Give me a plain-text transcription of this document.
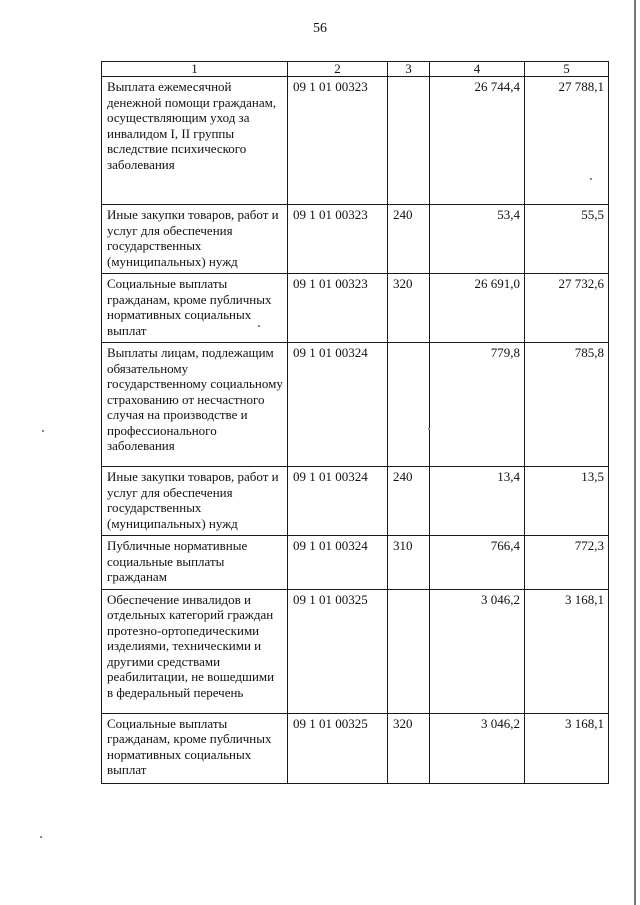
56
1	2	3	4	5
Выплата ежемесячной денежной помощи гражданам, осуществляющим уход за инвалидом I, II группы вследствие психического заболевания	09 1 01 00323		26 744,4	27 788,1
Иные закупки товаров, работ и услуг для обеспечения государственных (муниципальных) нужд	09 1 01 00323	240	53,4	55,5
Социальные выплаты гражданам, кроме публичных нормативных социальных выплат	09 1 01 00323	320	26 691,0	27 732,6
Выплаты лицам, подлежащим обязательному государственному социальному страхованию от несчастного случая на производстве и профессионального заболевания	09 1 01 00324		779,8	785,8
Иные закупки товаров, работ и услуг для обеспечения государственных (муниципальных) нужд	09 1 01 00324	240	13,4	13,5
Публичные нормативные социальные выплаты гражданам	09 1 01 00324	310	766,4	772,3
Обеспечение инвалидов и отдельных категорий граждан протезно-ортопедическими изделиями, техническими и другими средствами реабилитации, не вошедшими в федеральный перечень	09 1 01 00325		3 046,2	3 168,1
Социальные выплаты гражданам, кроме публичных нормативных социальных выплат	09 1 01 00325	320	3 046,2	3 168,1
